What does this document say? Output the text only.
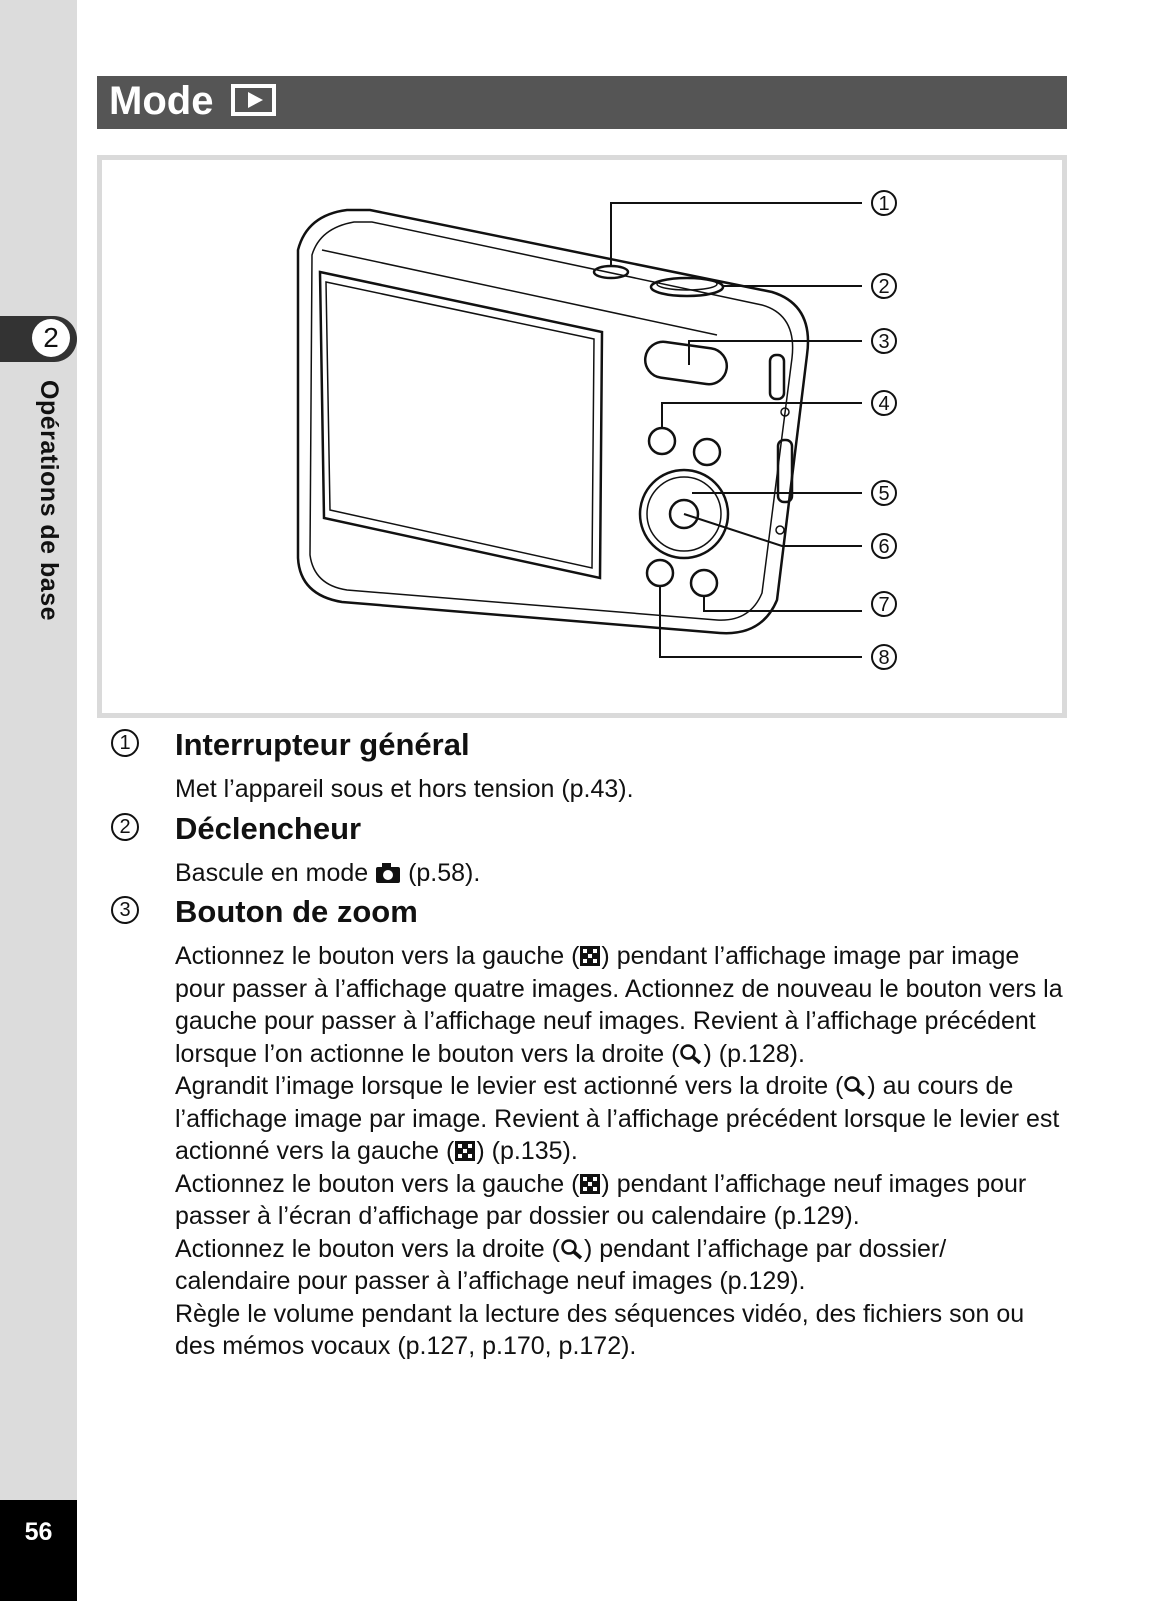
2
Opérations de base
56
Mode
1
2
3
4
5
6
7
8
1 Interrupteur général

Met l’appareil sous et hors tension (p.43).

2 Déclencheur

Bascule en mode  (p.58).

3 Bouton de zoom

Actionnez le bouton vers la gauche ( ) pendant l’affichage image par image pour passer à l’affichage quatre images. Actionnez de nouveau le bouton vers la gauche pour passer à l’affichage neuf images. Revient à l’affichage précédent lorsque l’on actionne le bouton vers la droite ( ) (p.128).

Agrandit l’image lorsque le levier est actionné vers la droite ( ) au cours de l’affichage image par image. Revient à l’affichage précédent lorsque le levier est actionné vers la gauche ( ) (p.135).

Actionnez le bouton vers la gauche ( ) pendant l’affichage neuf images pour passer à l’écran d’affichage par dossier ou calendaire (p.129).

Actionnez le bouton vers la droite ( ) pendant l’affichage par dossier/ calendaire pour passer à l’affichage neuf images (p.129).

Règle le volume pendant la lecture des séquences vidéo, des fichiers son ou des mémos vocaux (p.127, p.170, p.172).
